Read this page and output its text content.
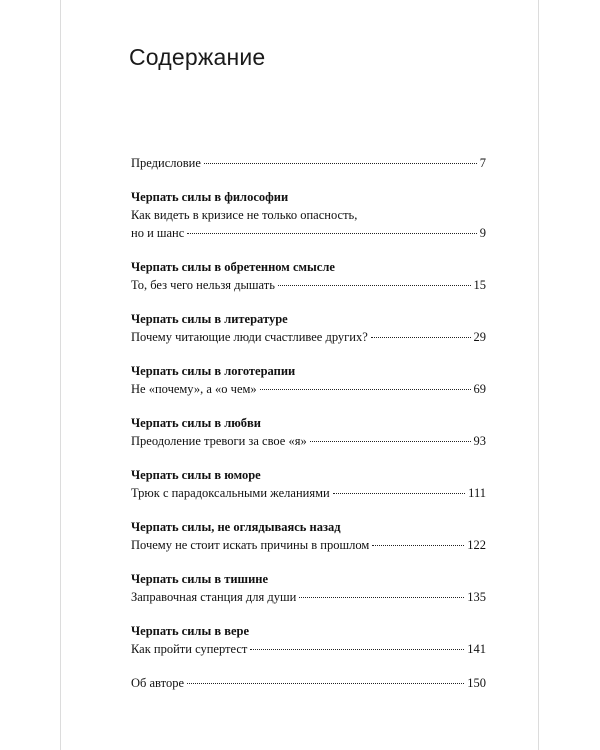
Содержание
Предисловие	7
Черпать силы в философии
Как видеть в кризисе не только опасность,
но и шанс	9
Черпать силы в обретенном смысле
То, без чего нельзя дышать	15
Черпать силы в литературе
Почему читающие люди счастливее других?	29
Черпать силы в логотерапии
Не «почему», а «о чем»	69
Черпать силы в любви
Преодоление тревоги за свое «я»	93
Черпать силы в юморе
Трюк с парадоксальными желаниями	111
Черпать силы, не оглядываясь назад
Почему не стоит искать причины в прошлом	122
Черпать силы в тишине
Заправочная станция для души	135
Черпать силы в вере
Как пройти супертест	141
Об авторе	150
